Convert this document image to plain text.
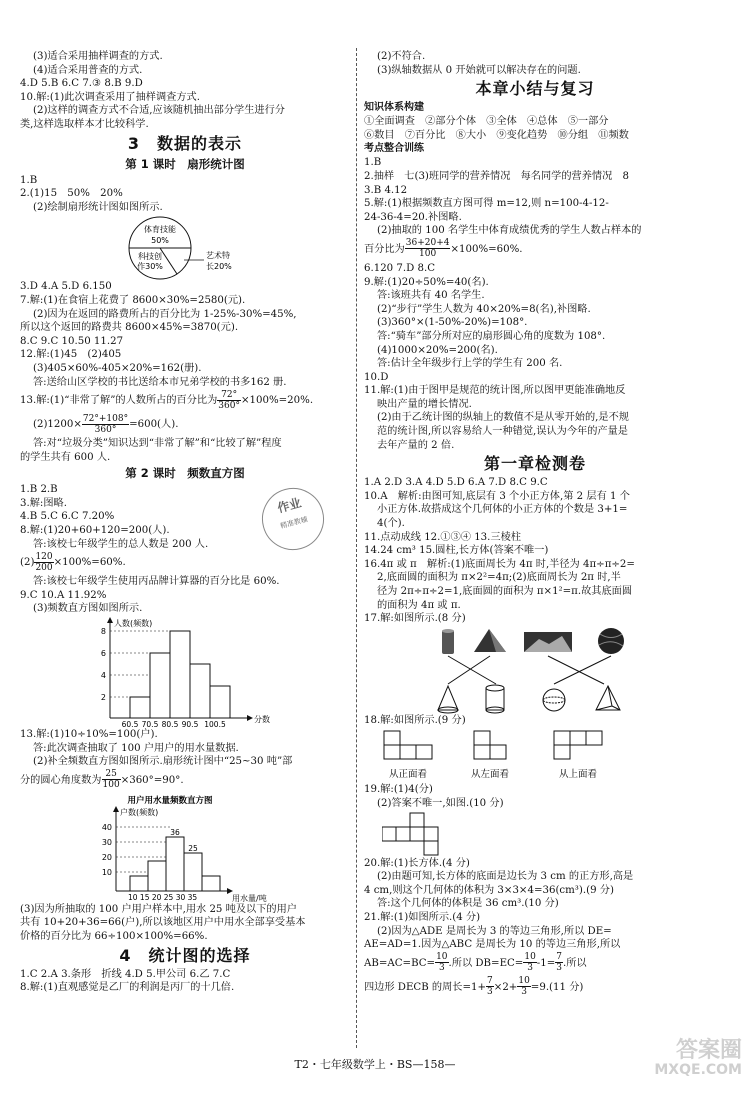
(3)适合采用抽样调查的方式.
(4)适合采用普查的方式.
4.D 5.B 6.C 7.③ 8.B 9.D
10.解:(1)此次调查采用了抽样调查方式.
(2)这样的调查方式不合适,应该随机抽出部分学生进行分
类,这样选取样本才比较科学.
3　数据的表示
第 1 课时　扇形统计图
1.B
2.(1)15　50%　20%
(2)绘制扇形统计图如图所示.
体育技能
50%
科技创
作30%
艺术特
长20%
3.D 4.A 5.D 6.150
7.解:(1)在食宿上花费了 8600×30%=2580(元).
(2)因为在返回的路费所占的百分比为 1-25%-30%=45%,
所以这个返回的路费共 8600×45%=3870(元).
8.C 9.C 10.50 11.27
12.解:(1)45　(2)405
(3)405×60%-405×20%=162(册).
答:送给山区学校的书比送给本市兄弟学校的书多162 册.
13.解:(1)“非常了解”的人数所占的百分比为 $\frac{72^\circ}{360^\circ} \times 100\%=20\%$.
$(2)1200\times \frac{72^\circ+108^\circ}{360^\circ} =600$(人).
答:对“垃圾分类”知识达到“非常了解”和“比较了解”程度
的学生共有 600 人.
第 2 课时　频数直方图
1.B 2.B
3.解:图略.
4.B 5.C 6.C 7.20%
8.解:(1)20+60+120=200(人).
答:该校七年级学生的总人数是 200 人.
$(2) \frac{120}{200} \times 100\%=60\%$.
答:该校七年级学生使用丙品牌计算器的百分比是 60%.
9.C 10.A 11.92%
(3)频数直方图如图所示.
人数(频数)
分数
2
4
6
8
60.5 70.5 80.5 90.5 100.5
13.解:(1)10÷10%=100(户).
答:此次调查抽取了 100 户用户的用水量数据.
(2)补全频数直方图如图所示.扇形统计图中“25~30 吨”部
分的圆心角度数为 $\frac{25}{100} \times 360^\circ=90^\circ$.
用户用水量频数直方图
户数(频数)
用水量/吨
10
20
30
40
36
25
10 15 20 25 30 35
(3)因为所抽取的 100 户用户样本中,用水 25 吨及以下的用户
共有 10+20+36=66(户),所以该地区用户中用水全部享受基本
价格的百分比为 66÷100×100%=66%.
4　统计图的选择
1.C 2.A 3.条形　折线 4.D 5.甲公司 6.乙 7.C
8.解:(1)直观感觉是乙厂的利润是丙厂的十几倍.
作业
精准教辅
(2)不符合.
(3)纵轴数据从 0 开始就可以解决存在的问题.
本章小结与复习
知识体系构建
①全面调查　②部分个体　③全体　④总体　⑤一部分
⑥数目　⑦百分比　⑧大小　⑨变化趋势　⑩分组　⑪频数
考点整合训练
1.B
2.抽样　七(3)班同学的营养情况　每名同学的营养情况　8
3.B 4.12
5.解:(1)根据频数直方图可得 m=12,则 n=100-4-12-
24-36-4=20.补图略.
(2)抽取的 100 名学生中体育成绩优秀的学生人数占样本的
百分比为 $\frac{36+20+4}{100} \times 100\%=60\%$.
6.120 7.D 8.C
9.解:(1)20÷50%=40(名).
答:该班共有 40 名学生.
(2)“步行”学生人数为 40×20%=8(名),补图略.
(3)360°×(1-50%-20%)=108°.
答:“骑车”部分所对应的扇形圆心角的度数为 108°.
(4)1000×20%=200(名).
答:估计全年级步行上学的学生有 200 名.
10.D
11.解:(1)由于图甲是规范的统计图,所以图甲更能准确地反
映出产量的增长情况.
(2)由于乙统计图的纵轴上的数值不是从零开始的,是不规
范的统计图,所以容易给人一种错觉,误认为今年的产量是
去年产量的 2 倍.
第一章检测卷
1.A 2.D 3.A 4.D 5.D 6.A 7.D 8.C 9.C
10.A　解析:由图可知,底层有 3 个小正方体,第 2 层有 1 个
小正方体.故搭成这个几何体的小正方体的个数是 3+1=
4(个).
11.点动成线 12.①③④ 13.三棱柱
14.24 cm³ 15.圆柱,长方体(答案不唯一)
16.4π 或 π　解析:(1)底面周长为 4π 时,半径为 4π÷π÷2=
2,底面圆的面积为 π×2²=4π;(2)底面周长为 2π 时,半
径为 2π÷π÷2=1,底面圆的面积为 π×1²=π.故其底面圆
的面积为 4π 或 π.
17.解:如图所示.(8 分)
18.解:如图所示.(9 分)
从正面看	从左面看	从上面看
19.解:(1)4(分)
(2)答案不唯一,如图.(10 分)
20.解:(1)长方体.(4 分)
(2)由题可知,长方体的底面是边长为 3 cm 的正方形,高是
4 cm,则这个几何体的体积为 3×3×4=36(cm³).(9 分)
答:这个几何体的体积是 36 cm³.(10 分)
21.解:(1)如图所示.(4 分)
(2)因为△ADE 是周长为 3 的等边三角形,所以 DE=
AE=AD=1.因为△ABC 是周长为 10 的等边三角形,所以
$AB=AC=BC= \frac{10}{3}$ .所以 $DB=EC= \frac{10}{3} -1= \frac{7}{3}$ .所以
四边形 DECB 的周长$=1+ \frac{7}{3} \times 2+ \frac{10}{3} =9.(11$ 分)
T2・七年级数学上・BS—158—
答案圈
MXQE.COM
